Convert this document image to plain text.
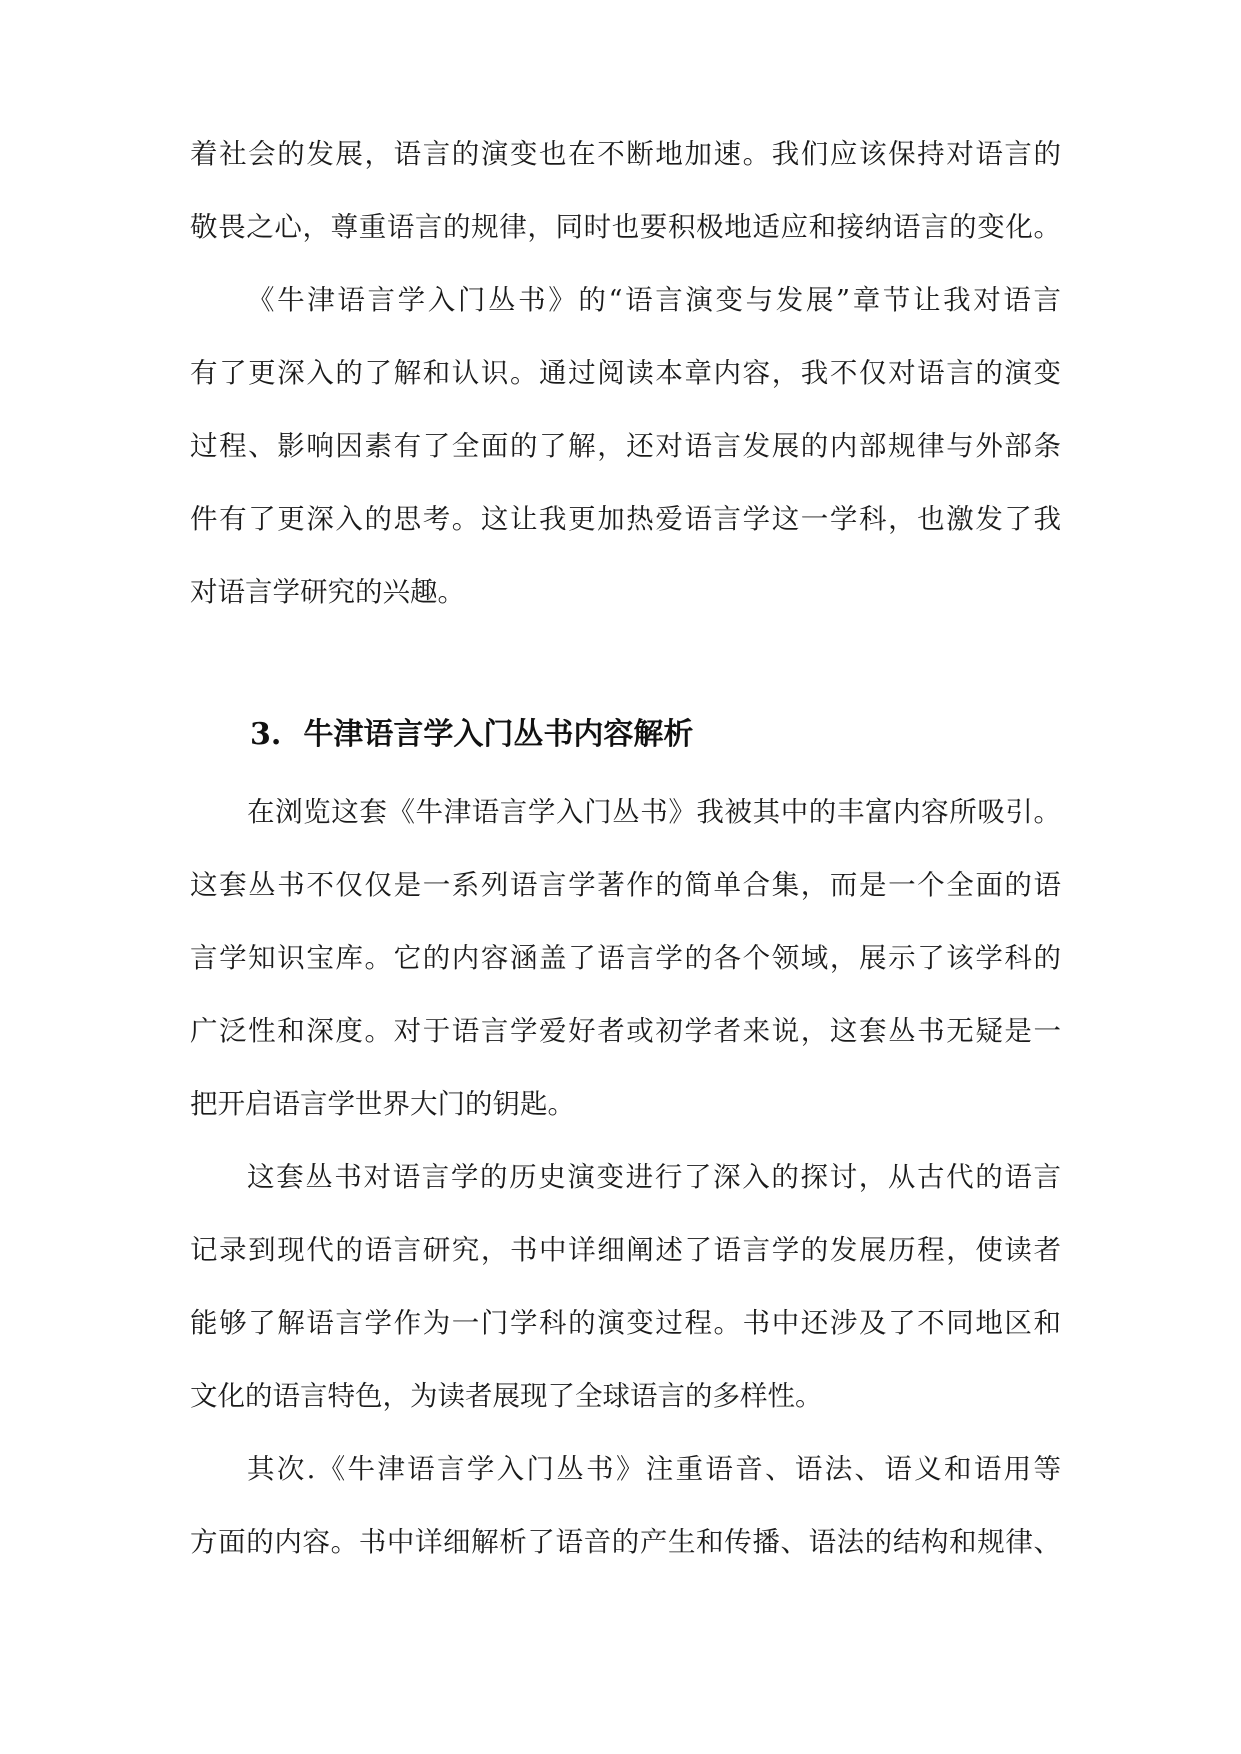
着社会的发展，语言的演变也在不断地加速。我们应该保持对语言的
敬畏之心，尊重语言的规律，同时也要积极地适应和接纳语言的变化。
《牛津语言学入门丛书》的“语言演变与发展”章节让我对语言
有了更深入的了解和认识。通过阅读本章内容，我不仅对语言的演变
过程、影响因素有了全面的了解，还对语言发展的内部规律与外部条
件有了更深入的思考。这让我更加热爱语言学这一学科，也激发了我
对语言学研究的兴趣。
3. 牛津语言学入门丛书内容解析
在浏览这套《牛津语言学入门丛书》我被其中的丰富内容所吸引。
这套丛书不仅仅是一系列语言学著作的简单合集，而是一个全面的语
言学知识宝库。它的内容涵盖了语言学的各个领域，展示了该学科的
广泛性和深度。对于语言学爱好者或初学者来说，这套丛书无疑是一
把开启语言学世界大门的钥匙。
这套丛书对语言学的历史演变进行了深入的探讨，从古代的语言
记录到现代的语言研究，书中详细阐述了语言学的发展历程，使读者
能够了解语言学作为一门学科的演变过程。书中还涉及了不同地区和
文化的语言特色，为读者展现了全球语言的多样性。
其次.《牛津语言学入门丛书》注重语音、语法、语义和语用等
方面的内容。书中详细解析了语音的产生和传播、语法的结构和规律、
